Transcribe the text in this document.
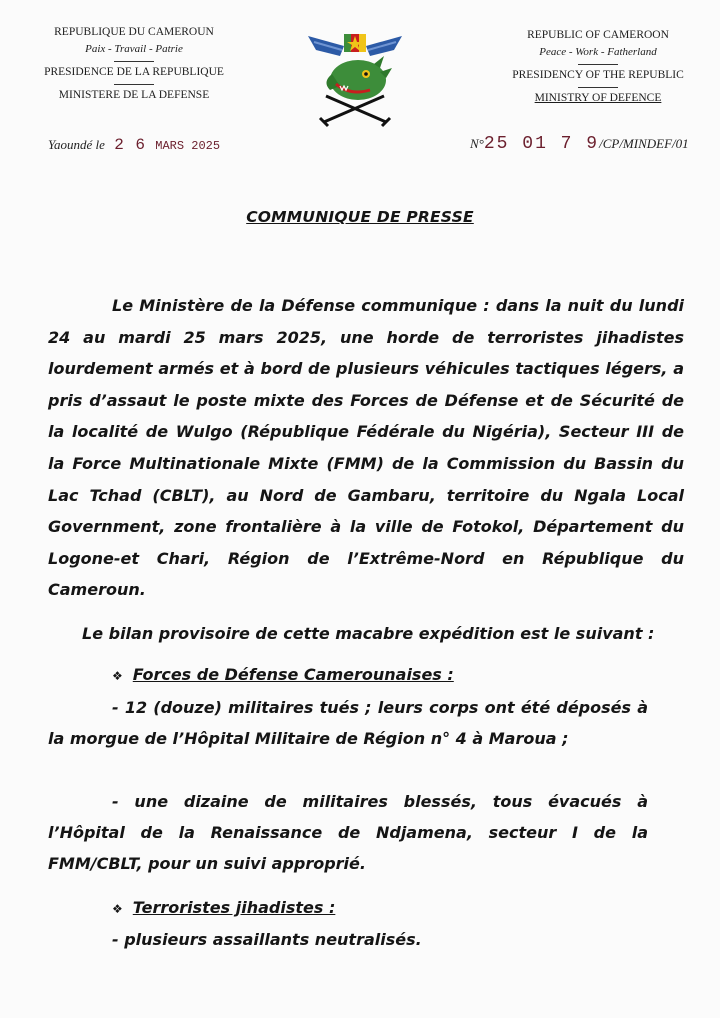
REPUBLIQUE DU CAMEROUN
Paix - Travail - Patrie
PRESIDENCE DE LA REPUBLIQUE
MINISTERE DE LA DEFENSE
REPUBLIC OF CAMEROON
Peace - Work - Fatherland
PRESIDENCY OF THE REPUBLIC
MINISTRY OF DEFENCE
Yaoundé le 2 6 MARS 2025	N°25 01 7 9/CP/MINDEF/01
COMMUNIQUE DE PRESSE
Le Ministère de la Défense communique : dans la nuit du lundi 24 au mardi 25 mars 2025, une horde de terroristes jihadistes lourdement armés et à bord de plusieurs véhicules tactiques légers, a pris d’assaut le poste mixte des Forces de Défense et de Sécurité de la localité de Wulgo (République Fédérale du Nigéria), Secteur III de la Force Multinationale Mixte (FMM) de la Commission du Bassin du Lac Tchad (CBLT), au Nord de Gambaru, territoire du Ngala Local Government, zone frontalière à la ville de Fotokol, Département du Logone-et Chari, Région de l’Extrême-Nord en République du Cameroun.
Le bilan provisoire de cette macabre expédition est le suivant :
❖ Forces de Défense Camerounaises :
- 12 (douze) militaires tués ; leurs corps ont été déposés à la morgue de l’Hôpital Militaire de Région n° 4 à Maroua ;
- une dizaine de militaires blessés, tous évacués à l’Hôpital de la Renaissance de Ndjamena, secteur I de la FMM/CBLT, pour un suivi approprié.
❖ Terroristes jihadistes :
- plusieurs assaillants neutralisés.
